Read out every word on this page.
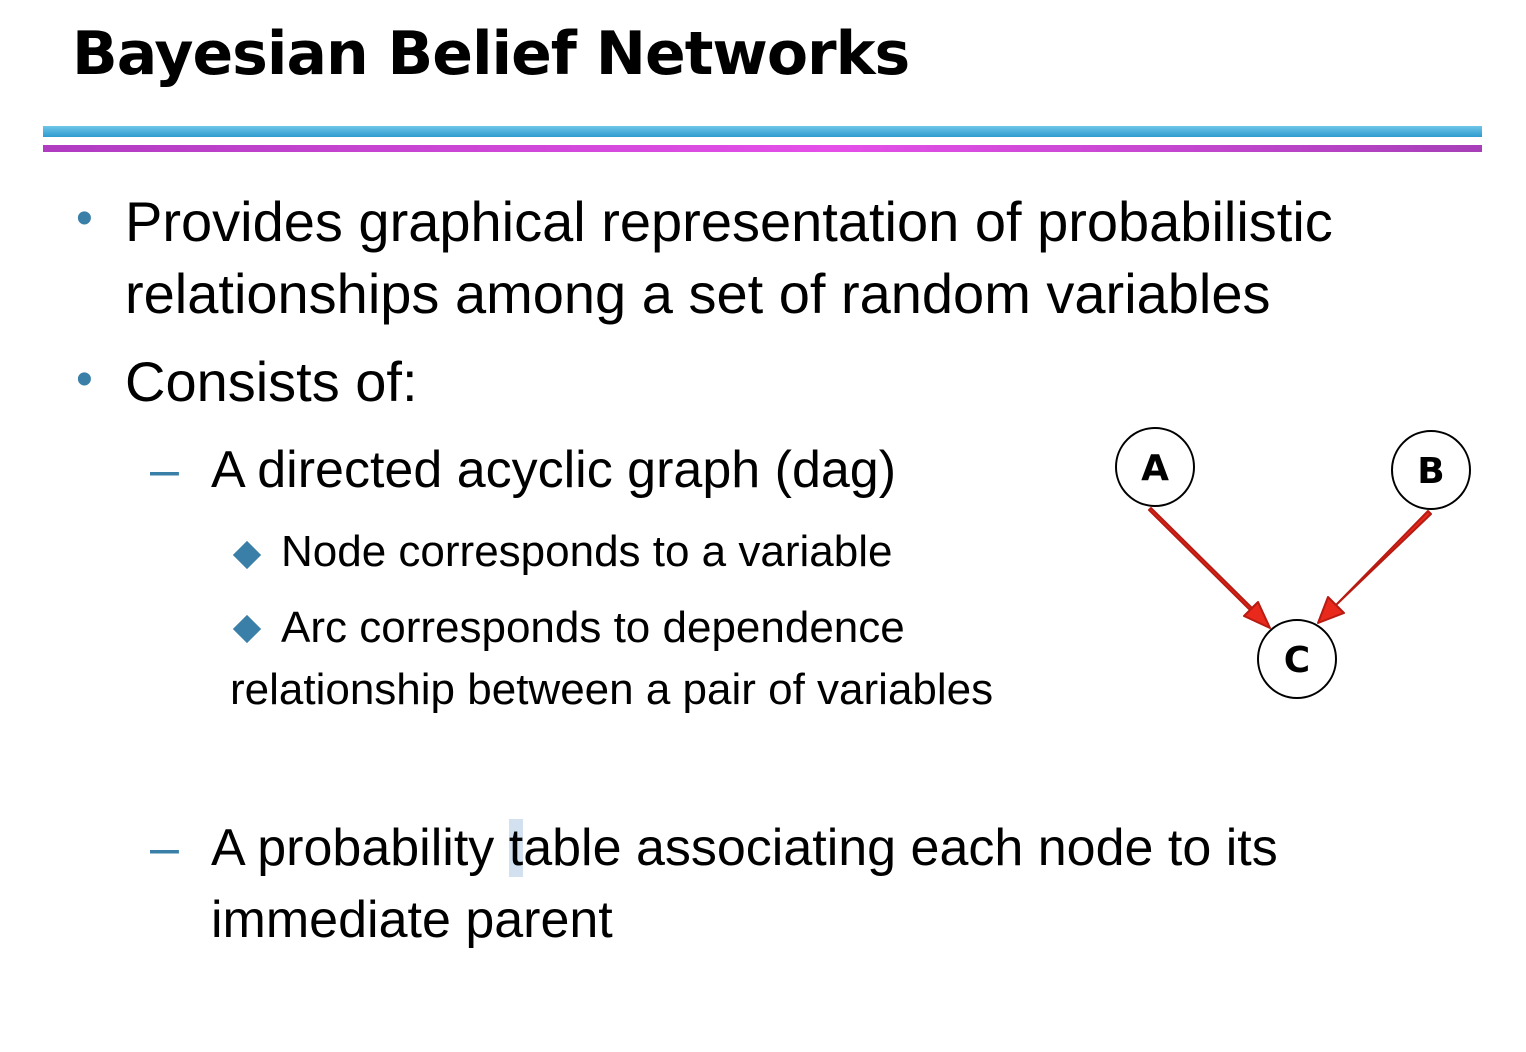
Bayesian Belief Networks
• Provides graphical representation of probabilistic
relationships among a set of random variables
• Consists of:
– A directed acyclic graph (dag)
Node corresponds to a variable
Arc corresponds to dependence
relationship between a pair of variables
– A probability table associating each node to its
immediate parent
A	B
C
